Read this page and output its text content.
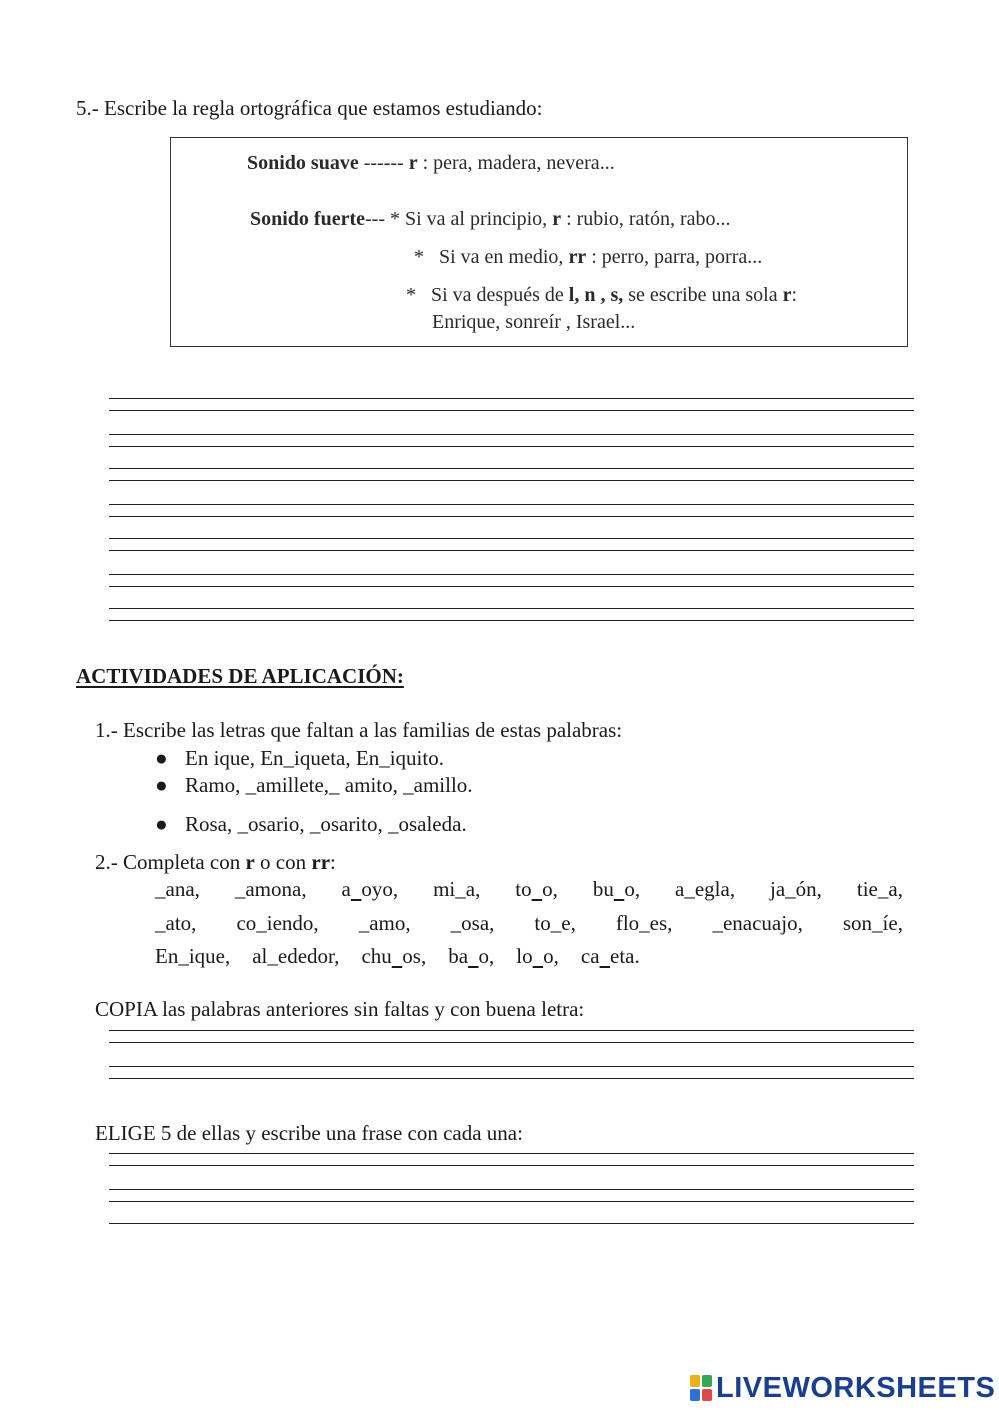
5.- Escribe la regla ortográfica que estamos estudiando:
Sonido suave ------ r : pera, madera, nevera...
Sonido fuerte--- * Si va al principio, r : rubio, ratón, rabo...
* Si va en medio, rr : perro, parra, porra...
* Si va después de l, n , s, se escribe una sola r:
Enrique, sonreír , Israel...
ACTIVIDADES DE APLICACIÓN:
1.- Escribe las letras que faltan a las familias de estas palabras:
● En ique, En_iqueta, En_iquito.
● Ramo, _amillete,_ amito, _amillo.
● Rosa, _osario, _osarito, _osaleda.
2.- Completa con r o con rr:
_ana, _amona, a oyo, mi_a, to o, bu o, a_egla, ja_ón, tie_a,
_ato, co_iendo, _amo, _osa, to_e, flo_es, _enacuajo, son_íe,
En_ique, al_ededor, chu os, ba o, lo o, ca eta.
COPIA las palabras anteriores sin faltas y con buena letra:
ELIGE 5 de ellas y escribe una frase con cada una:
LIVEWORKSHEETS
